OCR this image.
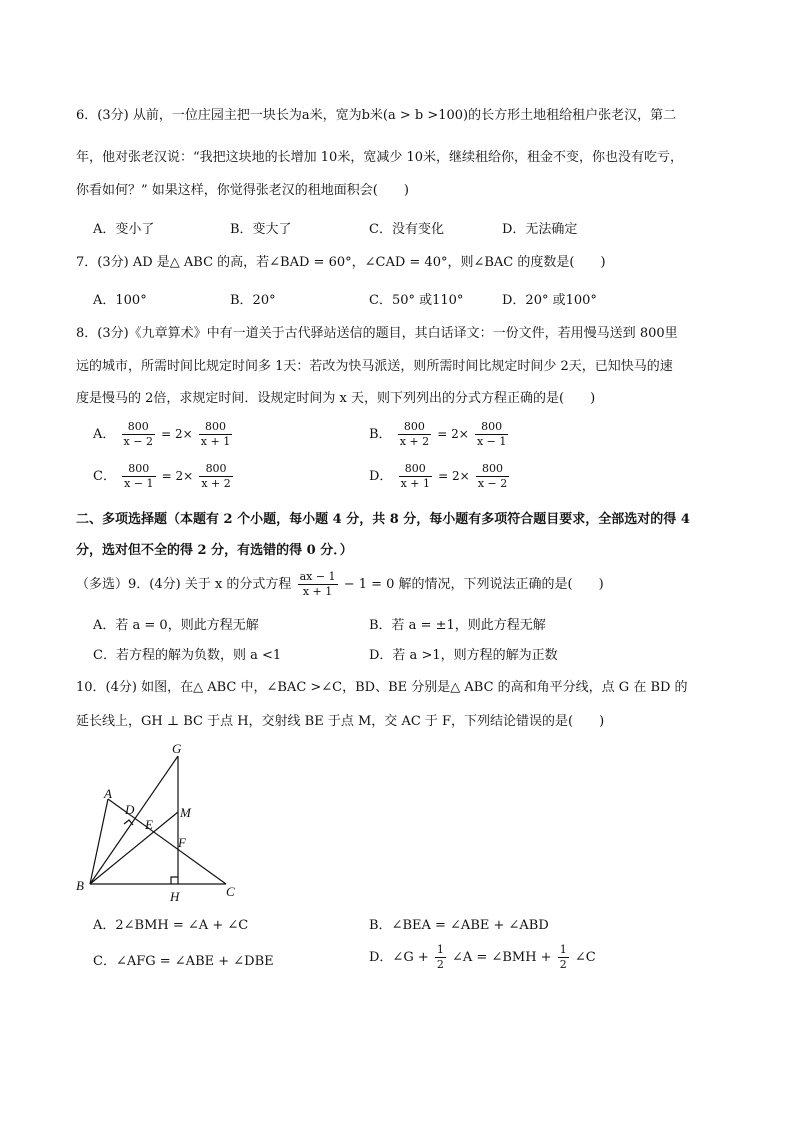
6．(3分) 从前，一位庄园主把一块长为a米，宽为b米(a > b >100)的长方形土地租给租户张老汉，第二
年，他对张老汉说：“我把这块地的长增加 10米，宽减少 10米，继续租给你，租金不变，你也没有吃亏，
你看如何？” 如果这样，你觉得张老汉的租地面积会(　　)
A．变小了	B．变大了	C．没有变化	D．无法确定
7．(3分) AD 是△ ABC 的高，若∠BAD = 60°，∠CAD = 40°，则∠BAC 的度数是(　　)
A．100°	B．20°	C．50° 或110°	D．20° 或100°
8．(3分)《九章算术》中有一道关于古代驿站送信的题目，其白话译文：一份文件，若用慢马送到 800里
远的城市，所需时间比规定时间多 1天：若改为快马派送，则所需时间比规定时间少 2天，已知快马的速
度是慢马的 2倍，求规定时间．设规定时间为 x 天，则下列列出的分式方程正确的是(　　)
A． $\frac{800}{x - 2} = 2\times \frac{800}{x + 1}$	B． $\frac{800}{x + 2} = 2\times \frac{800}{x - 1}$
C． $\frac{800}{x - 1} = 2\times \frac{800}{x + 2}$	D． $\frac{800}{x + 1} = 2\times \frac{800}{x - 2}$
二、多项选择题（本题有 2 个小题，每小题 4 分，共 8 分，每小题有多项符合题目要求，全部选对的得 4
分，选对但不全的得 2 分，有选错的得 0 分．）
（多选）9．(4分) 关于 x 的分式方程 $\frac{ax - 1}{x + 1} - 1 = 0$ 解的情况，下列说法正确的是(　　)
A．若 a = 0，则此方程无解	B．若 a = ±1，则此方程无解
C．若方程的解为负数，则 a <1	D．若 a >1，则方程的解为正数
10．(4分) 如图，在△ ABC 中，∠BAC >∠C，BD、BE 分别是△ ABC 的高和角平分线，点 G 在 BD 的
延长线上，GH ⊥ BC 于点 H，交射线 BE 于点 M，交 AC 于 F，下列结论错误的是(　　)
G
A
D	M
E
F
B
H	C
A．2∠BMH = ∠A + ∠C	B．∠BEA = ∠ABE + ∠ABD
C．∠AFG = ∠ABE + ∠DBE	D．∠G + $\frac{1}{2}$ ∠A = ∠BMH + $\frac{1}{2}$ ∠C
